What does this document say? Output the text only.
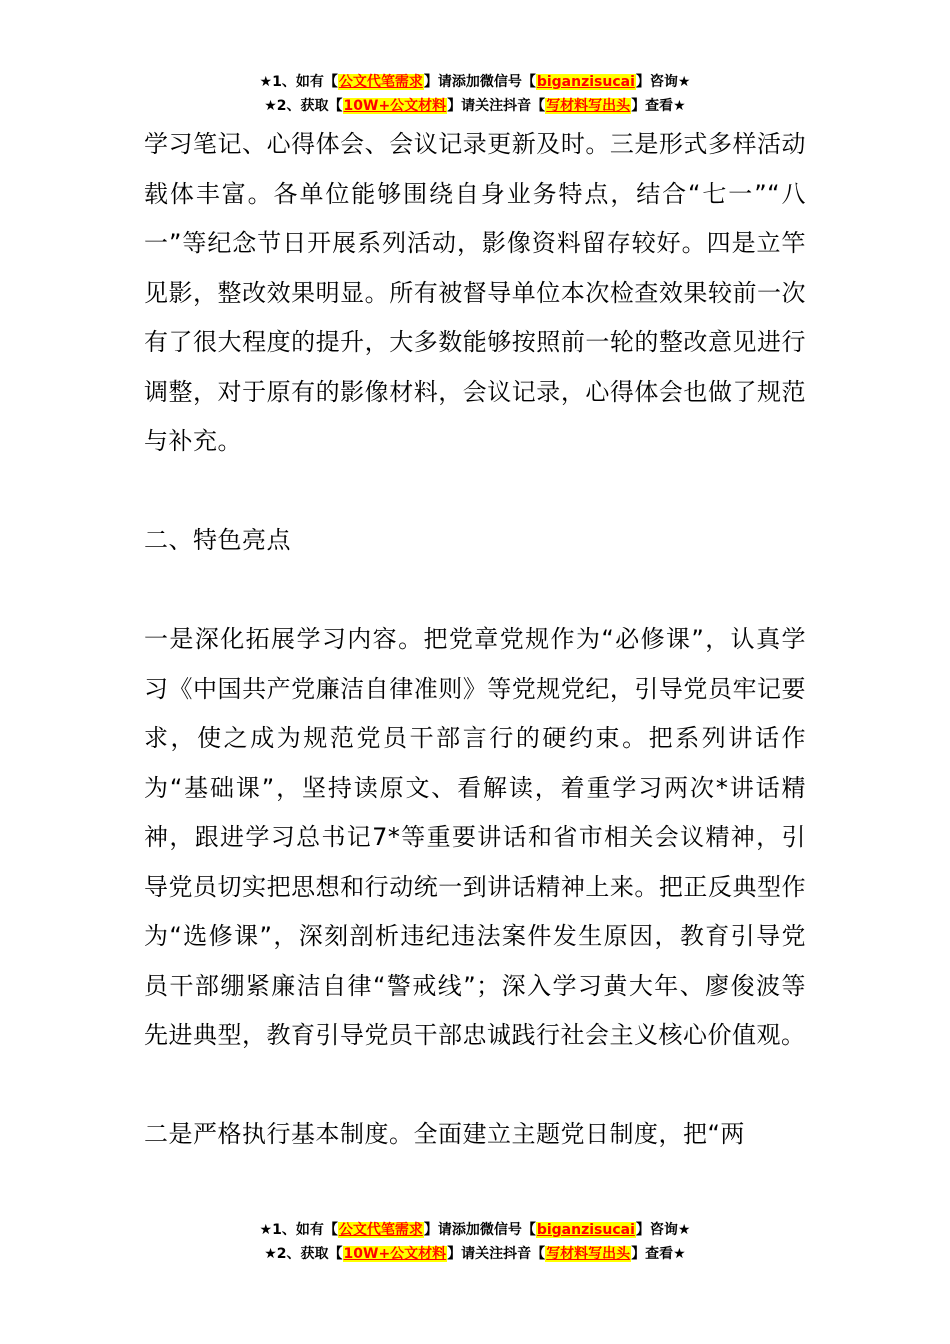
★1、如有【公文代笔需求】请添加微信号【biganzisucai】咨询★
★2、获取【10W+公文材料】请关注抖音【写材料写出头】查看★

学习笔记、心得体会、会议记录更新及时。三是形式多样活动载体丰富。各单位能够围绕自身业务特点，结合“七一”“八一”等纪念节日开展系列活动，影像资料留存较好。四是立竿见影，整改效果明显。所有被督导单位本次检查效果较前一次有了很大程度的提升，大多数能够按照前一轮的整改意见进行调整，对于原有的影像材料，会议记录，心得体会也做了规范与补充。

二、特色亮点

一是深化拓展学习内容。把党章党规作为“必修课”，认真学习《中国共产党廉洁自律准则》等党规党纪，引导党员牢记要求，使之成为规范党员干部言行的硬约束。把系列讲话作为“基础课”，坚持读原文、看解读，着重学习两次*讲话精神，跟进学习总书记7*等重要讲话和省市相关会议精神，引导党员切实把思想和行动统一到讲话精神上来。把正反典型作为“选修课”，深刻剖析违纪违法案件发生原因，教育引导党员干部绷紧廉洁自律“警戒线”；深入学习黄大年、廖俊波等先进典型，教育引导党员干部忠诚践行社会主义核心价值观。

二是严格执行基本制度。全面建立主题党日制度，把“两

★1、如有【公文代笔需求】请添加微信号【biganzisucai】咨询★
★2、获取【10W+公文材料】请关注抖音【写材料写出头】查看★
